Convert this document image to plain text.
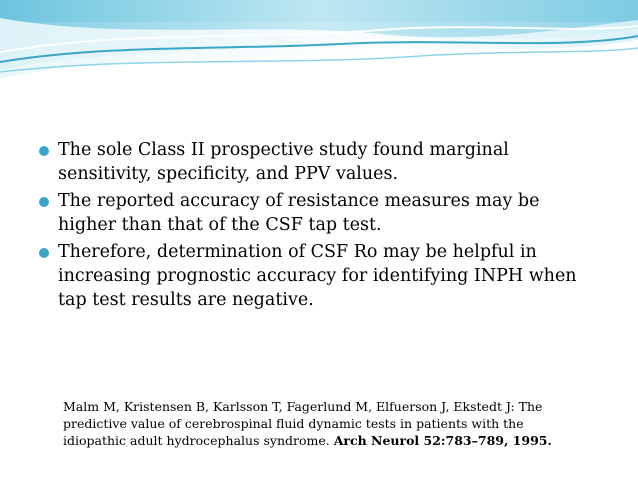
The sole Class II prospective study found marginal sensitivity, specificity, and PPV values.
The reported accuracy of resistance measures may be higher than that of the CSF tap test.
Therefore, determination of CSF Ro may be helpful in increasing prognostic accuracy for identifying INPH when tap test results are negative.
Malm M, Kristensen B, Karlsson T, Fagerlund M, Elfuerson J, Ekstedt J: The predictive value of cerebrospinal fluid dynamic tests in patients with the idiopathic adult hydrocephalus syndrome. Arch Neurol 52:783–789, 1995.
